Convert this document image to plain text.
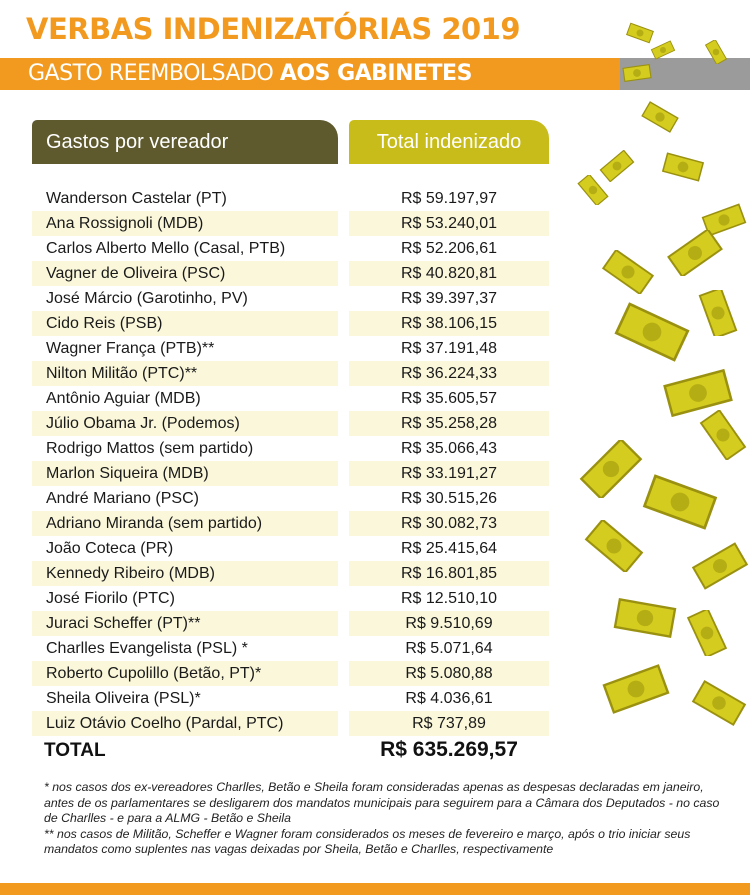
VERBAS INDENIZATÓRIAS 2019
GASTO REEMBOLSADO AOS GABINETES
Gastos por vereador	Total indenizado
Wanderson Castelar (PT)	R$ 59.197,97
Ana Rossignoli (MDB)	R$ 53.240,01
Carlos Alberto Mello (Casal, PTB)	R$ 52.206,61
Vagner de Oliveira (PSC)	R$ 40.820,81
José Márcio (Garotinho, PV)	R$ 39.397,37
Cido Reis (PSB)	R$ 38.106,15
Wagner França (PTB)**	R$ 37.191,48
Nilton Militão (PTC)**	R$ 36.224,33
Antônio Aguiar (MDB)	R$ 35.605,57
Júlio Obama Jr. (Podemos)	R$ 35.258,28
Rodrigo Mattos (sem partido)	R$ 35.066,43
Marlon Siqueira (MDB)	R$ 33.191,27
André Mariano (PSC)	R$ 30.515,26
Adriano Miranda (sem partido)	R$ 30.082,73
João Coteca (PR)	R$ 25.415,64
Kennedy Ribeiro (MDB)	R$ 16.801,85
José Fiorilo (PTC)	R$ 12.510,10
Juraci Scheffer (PT)**	R$ 9.510,69
Charlles Evangelista (PSL) *	R$ 5.071,64
Roberto Cupolillo (Betão, PT)*	R$ 5.080,88
Sheila Oliveira (PSL)*	R$ 4.036,61
Luiz Otávio Coelho (Pardal, PTC)	R$ 737,89
TOTAL	R$ 635.269,57

* nos casos dos ex-vereadores Charlles, Betão e Sheila foram consideradas apenas as despesas declaradas em janeiro, antes de os parlamentares se desligarem dos mandatos municipais para seguirem para a Câmara dos Deputados - no caso de Charlles - e para a ALMG - Betão e Sheila

** nos casos de Militão, Scheffer e Wagner foram considerados os meses de fevereiro e março, após o trio iniciar seus mandatos como suplentes nas vagas deixadas por Sheila, Betão e Charlles, respectivamente
